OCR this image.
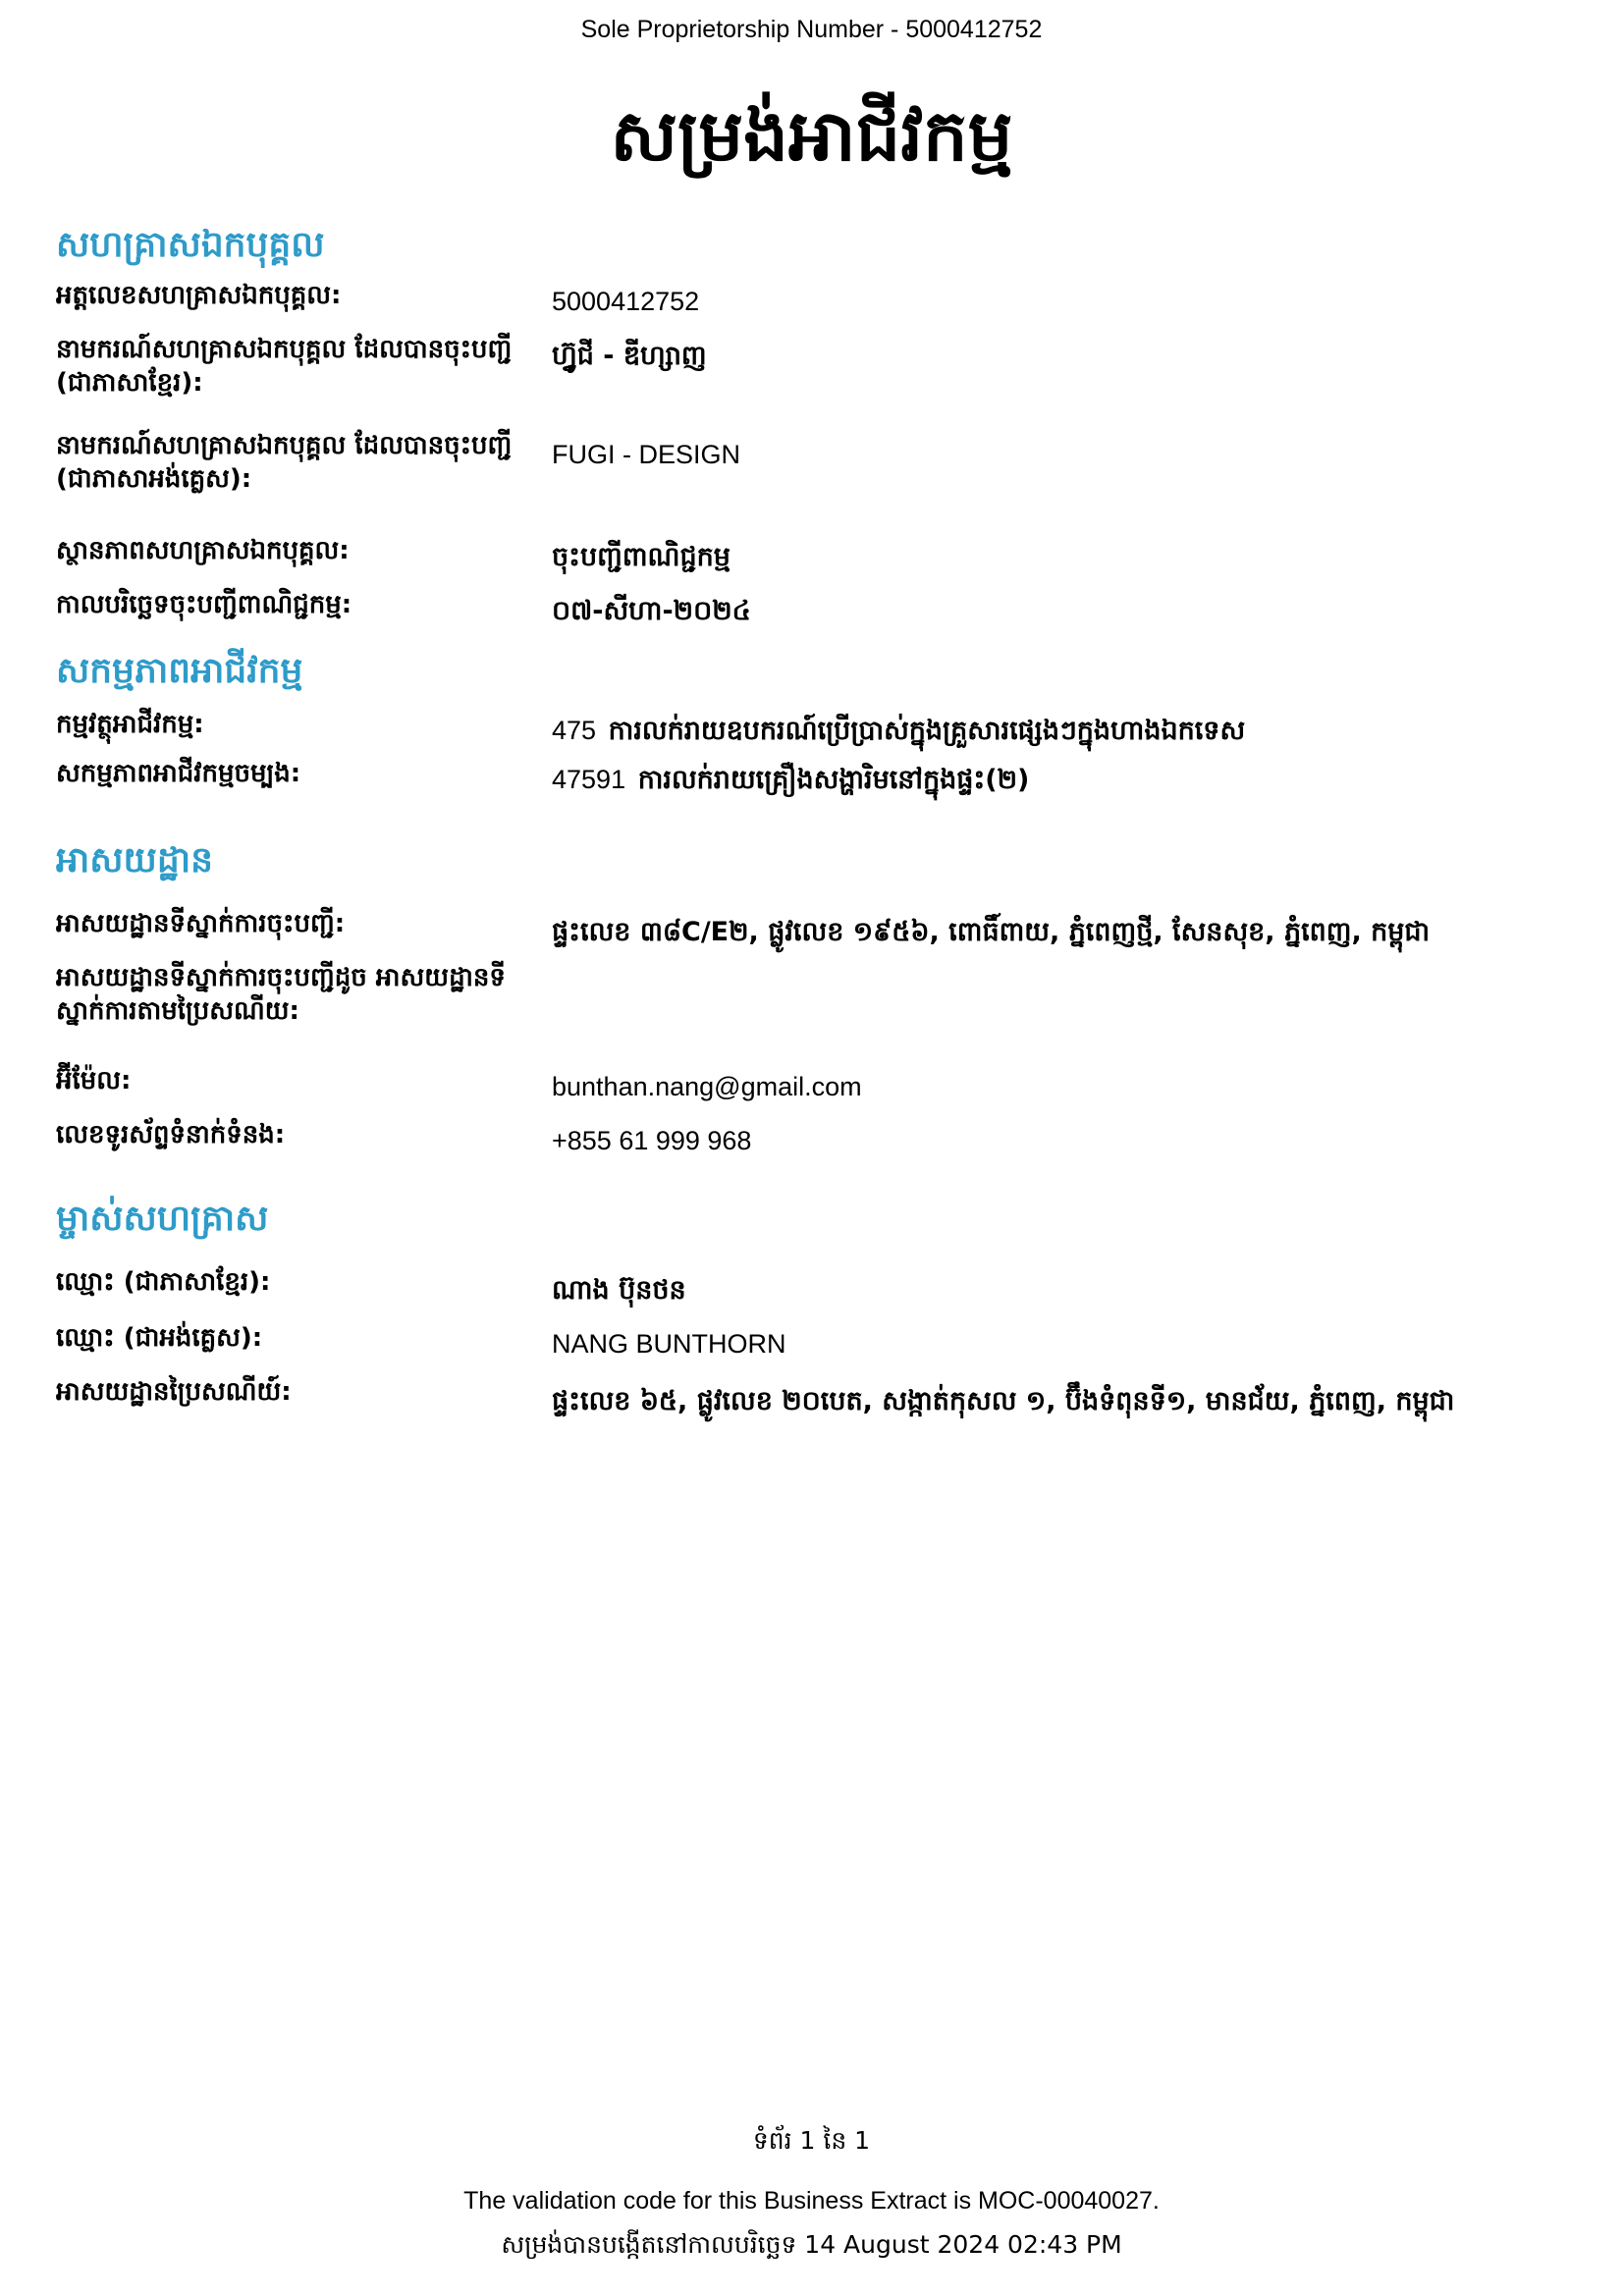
Sole Proprietorship Number - 5000412752
សម្រង់អាជីវកម្ម
សហគ្រាសឯកបុគ្គល
អត្តលេខសហគ្រាសឯកបុគ្គល:	5000412752
នាមករណ៍សហគ្រាសឯកបុគ្គល ដែលបានចុះបញ្ជី (ជាភាសាខ្មែរ):
ហ្វ៊ូជី - ឌីហ្សាញ
នាមករណ៍សហគ្រាសឯកបុគ្គល ដែលបានចុះបញ្ជី (ជាភាសាអង់គ្លេស):
FUGI - DESIGN
ស្ថានភាពសហគ្រាសឯកបុគ្គល:	ចុះបញ្ជីពាណិជ្ជកម្ម
កាលបរិច្ឆេទចុះបញ្ជីពាណិជ្ជកម្ម:	០៧-សីហា-២០២៤
សកម្មភាពអាជីវកម្ម
កម្មវត្ថុអាជីវកម្ម:	475 ការលក់រាយឧបករណ៍ប្រើប្រាស់ក្នុងគ្រួសារផ្សេងៗក្នុងហាងឯកទេស
សកម្មភាពអាជីវកម្មចម្បង:	47591 ការលក់រាយគ្រឿងសង្ហារិមនៅក្នុងផ្ទះ(២)
អាសយដ្ឋាន
អាសយដ្ឋានទីស្នាក់ការចុះបញ្ជី:	ផ្ទះលេខ ៣៨C/E២, ផ្លូវលេខ ១៩៥៦, ពោធិ៍ពាយ, ភ្នំពេញថ្មី, សែនសុខ, ភ្នំពេញ, កម្ពុជា
អាសយដ្ឋានទីស្នាក់ការចុះបញ្ជីដូច អាសយដ្ឋានទីស្នាក់ការតាមប្រៃសណីយ:
អ៊ីម៉ែល:	bunthan.nang@gmail.com
លេខទូរស័ព្ទទំនាក់ទំនង:	+855 61 999 968
ម្ចាស់សហគ្រាស
ឈ្មោះ (ជាភាសាខ្មែរ):	ណាង ប៊ុនថន
ឈ្មោះ (ជាអង់គ្លេស):	NANG BUNTHORN
អាសយដ្ឋានប្រៃសណីយ៍:	ផ្ទះលេខ ៦៥, ផ្លូវលេខ ២០បេត, សង្កាត់កុសល ១, ប៊ឹងទំពុនទី១, មានជ័យ, ភ្នំពេញ, កម្ពុជា
ទំព័រ 1 នៃ 1
The validation code for this Business Extract is MOC-00040027.
សម្រង់បានបង្កើតនៅកាលបរិច្ឆេទ 14 August 2024 02:43 PM
